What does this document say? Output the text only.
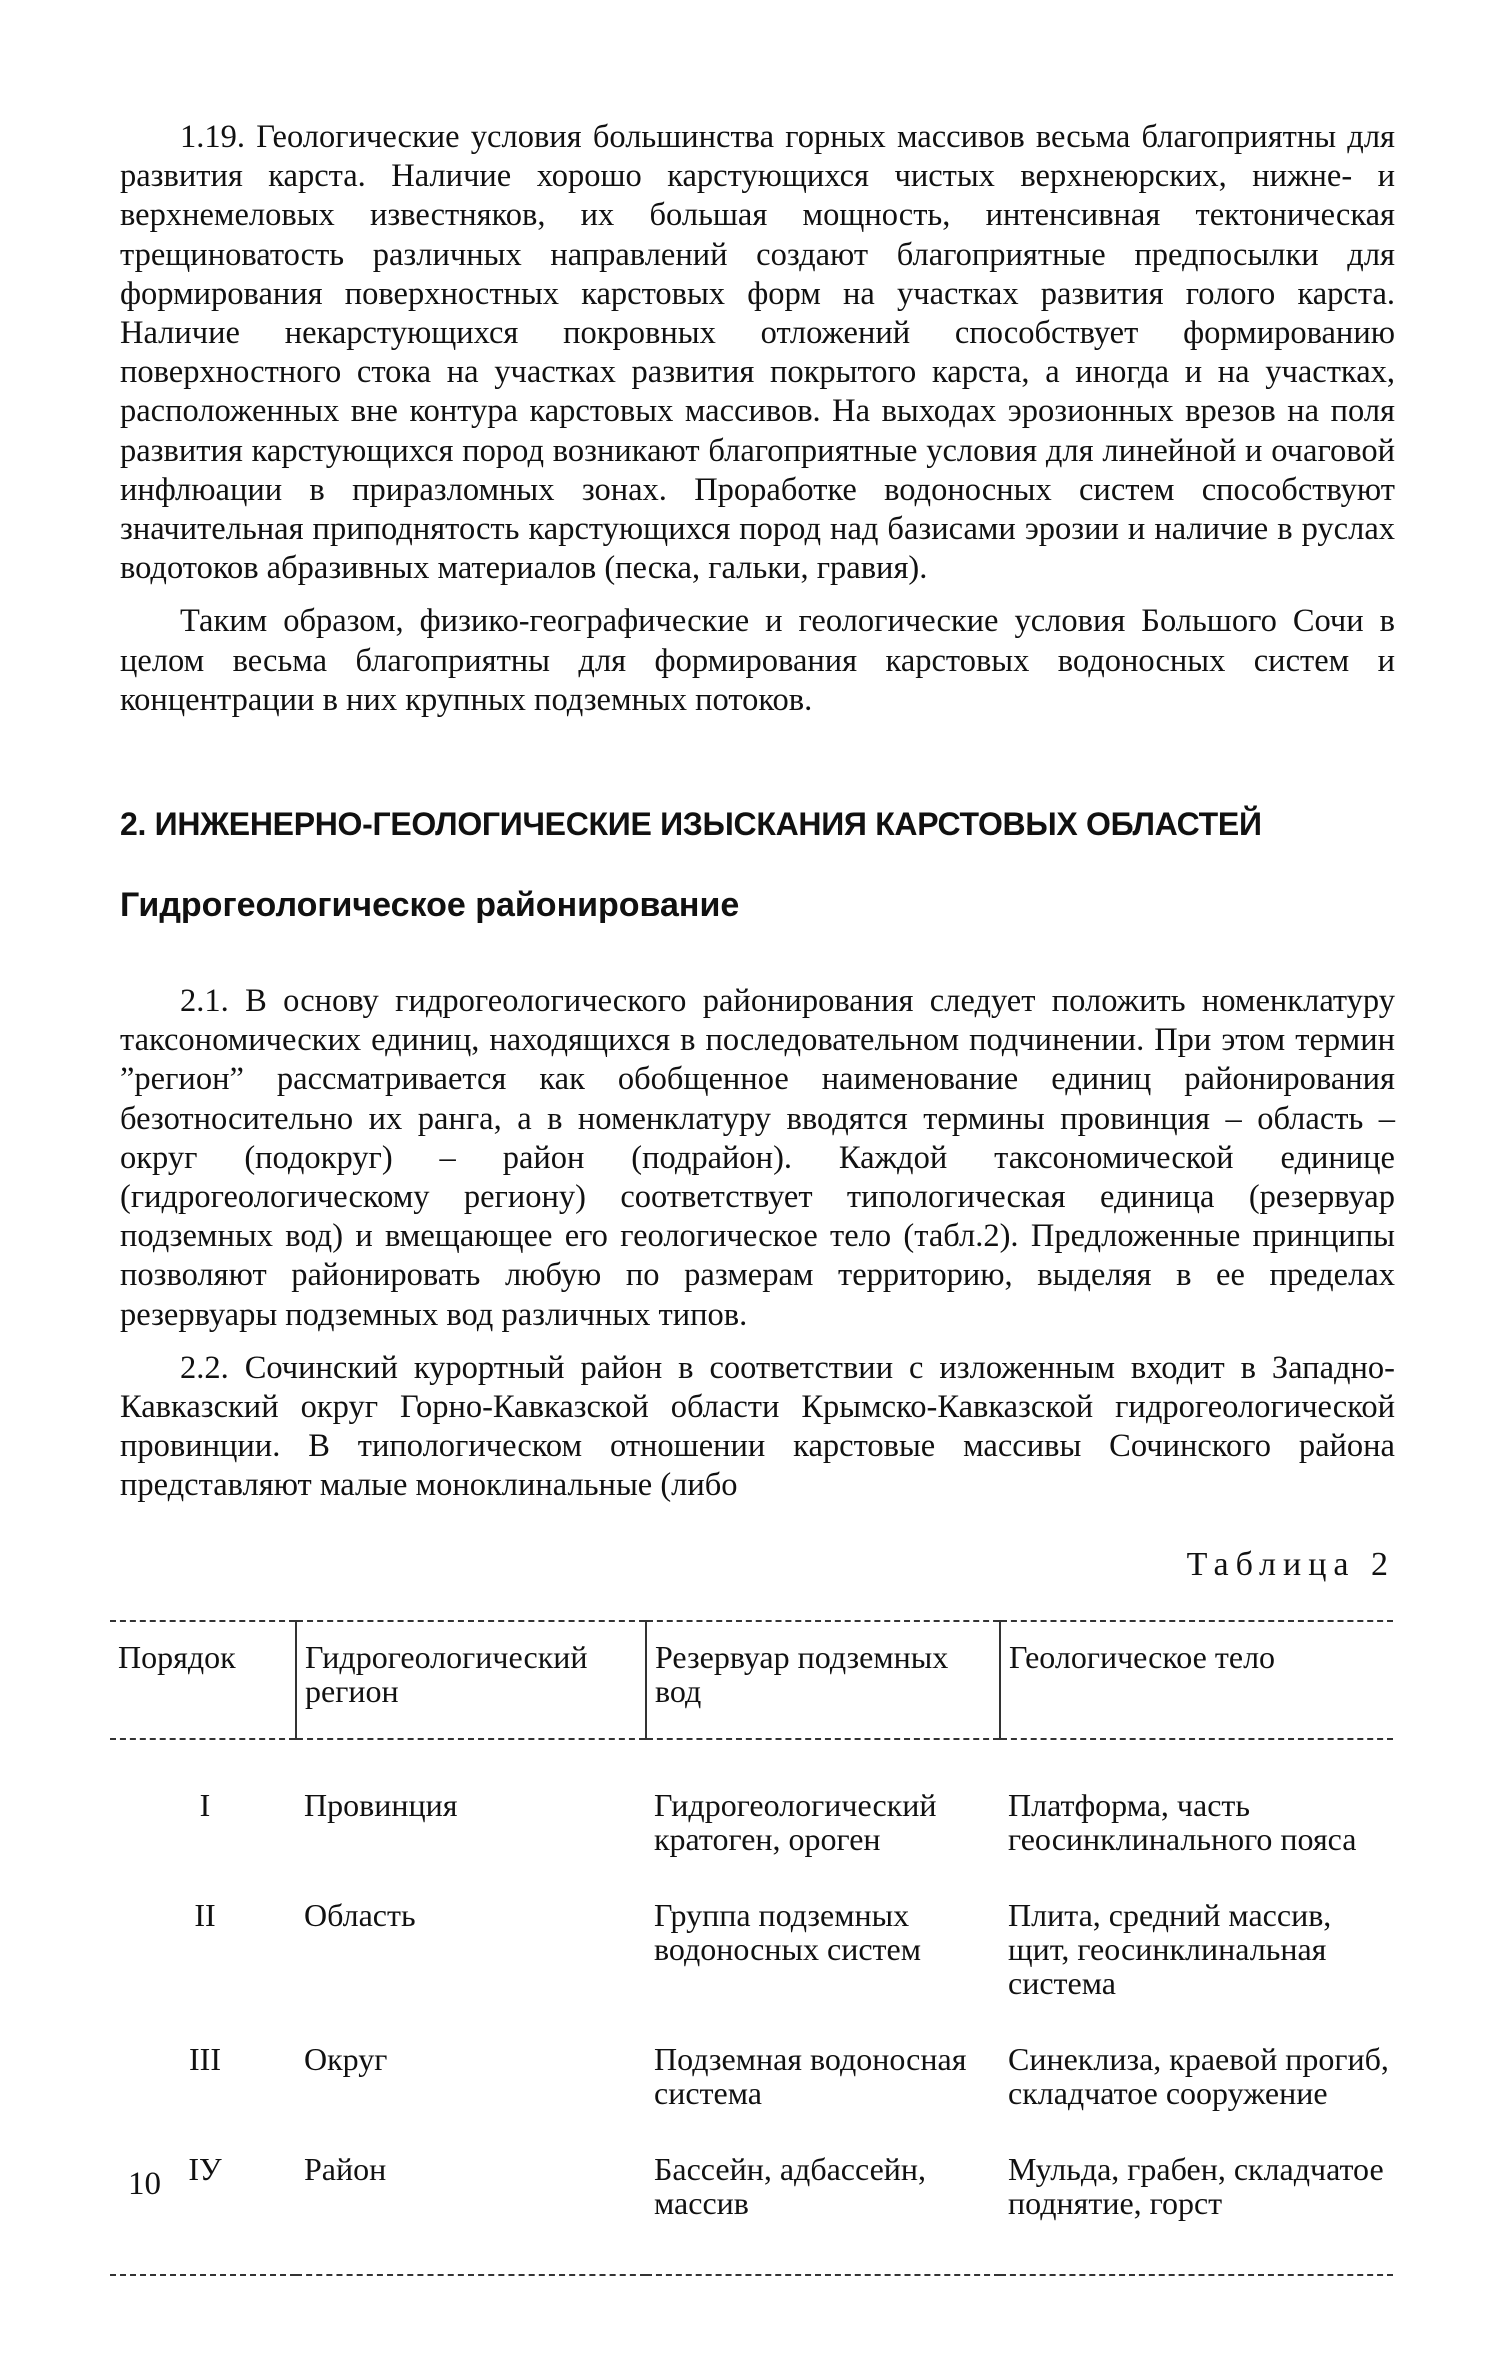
1.19. Геологические условия большинства горных массивов весьма благоприятны для развития карста. Наличие хорошо карстующихся чистых верхнеюрских, нижне- и верхнемеловых известняков, их большая мощность, интенсивная тектоническая трещиноватость различных направлений создают благоприятные предпосылки для формирования поверхностных карстовых форм на участках развития голого карста. Наличие некарстующихся покровных отложений способствует формированию поверхностного стока на участках развития покрытого карста, а иногда и на участках, расположенных вне контура карстовых массивов. На выходах эрозионных врезов на поля развития карстующихся пород возникают благоприятные условия для линейной и очаговой инфлюации в приразломных зонах. Проработке водоносных систем способствуют значительная приподнятость карстующихся пород над базисами эрозии и наличие в руслах водотоков абразивных материалов (песка, гальки, гравия).

Таким образом, физико-географические и геологические условия Большого Сочи в целом весьма благоприятны для формирования карстовых водоносных систем и концентрации в них крупных подземных потоков.

2. ИНЖЕНЕРНО-ГЕОЛОГИЧЕСКИЕ ИЗЫСКАНИЯ КАРСТОВЫХ ОБЛАСТЕЙ
Гидрогеологическое районирование

2.1. В основу гидрогеологического районирования следует положить номенклатуру таксономических единиц, находящихся в последовательном подчинении. При этом термин ”регион” рассматривается как обобщенное наименование единиц районирования безотносительно их ранга, а в номенклатуру вводятся термины провинция – область – округ (подокруг) – район (подрайон). Каждой таксономической единице (гидрогеологическому региону) соответствует типологическая единица (резервуар подземных вод) и вмещающее его геологическое тело (табл.2). Предложенные принципы позволяют районировать любую по размерам территорию, выделяя в ее пределах резервуары подземных вод различных типов.

2.2. Сочинский курортный район в соответствии с изложенным входит в Западно-Кавказский округ Горно-Кавказской области Крымско-Кавказской гидрогеологической провинции. В типологическом отношении карстовые массивы Сочинского района представляют малые моноклинальные (либо

Таблица 2
Порядок	Гидрогеологический регион	Резервуар подземных вод	Геологическое тело
I	Провинция	Гидрогеологический кратоген, ороген	Платформа, часть геосинклинального пояса
II	Область	Группа подземных водоносных систем	Плита, средний массив, щит, геосинклинальная система
III	Округ	Подземная водоносная система	Синеклиза, краевой прогиб, складчатое сооружение
IУ	Район	Бассейн, адбассейн, массив	Мульда, грабен, складчатое поднятие, горст
10
